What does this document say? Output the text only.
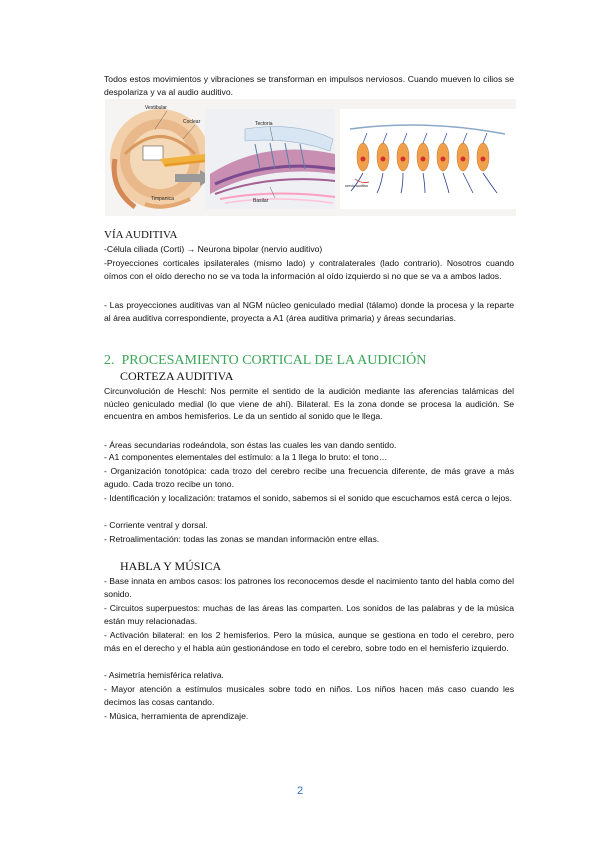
Todos estos movimientos y vibraciones se transforman en impulsos nerviosos. Cuando mueven lo cilios se despolariza y va al audio auditivo.

Vestibular
Coclear	Tectoria
Timpanica	Basilar
nervio auditivo
VÍA AUDITIVA

-Célula ciliada (Corti) → Neurona bipolar (nervio auditivo)

-Proyecciones corticales ipsilaterales (mismo lado) y contralaterales (lado contrario). Nosotros cuando oímos con el oído derecho no se va toda la información al oído izquierdo si no que se va a ambos lados.

- Las proyecciones auditivas van al NGM núcleo geniculado medial (tálamo) donde la procesa y la reparte al área auditiva correspondiente, proyecta a A1 (área auditiva primaria) y áreas secundarias.

2. PROCESAMIENTO CORTICAL DE LA AUDICIÓN
CORTEZA AUDITIVA

Circunvolución de Heschl: Nos permite el sentido de la audición mediante las aferencias talámicas del núcleo geniculado medial (lo que viene de ahí). Bilateral. Es la zona donde se procesa la audición. Se encuentra en ambos hemisferios. Le da un sentido al sonido que le llega.

- Áreas secundarias rodeándola, son éstas las cuales les van dando sentido.

- A1 componentes elementales del estímulo: a la 1 llega lo bruto: el tono…

- Organización tonotópica: cada trozo del cerebro recibe una frecuencia diferente, de más grave a más agudo. Cada trozo recibe un tono.

- Identificación y localización: tratamos el sonido, sabemos si el sonido que escuchamos está cerca o lejos.

- Corriente ventral y dorsal.

- Retroalimentación: todas las zonas se mandan información entre ellas.

HABLA Y MÚSICA

- Base innata en ambos casos: los patrones los reconocemos desde el nacimiento tanto del habla como del sonido.

- Circuitos superpuestos: muchas de las áreas las comparten. Los sonidos de las palabras y de la música están muy relacionadas.

- Activación bilateral: en los 2 hemisferios. Pero la música, aunque se gestiona en todo el cerebro, pero más en el derecho y el habla aún gestionándose en todo el cerebro, sobre todo en el hemisferio izquierdo.

- Asimetría hemisférica relativa.

- Mayor atención a estímulos musicales sobre todo en niños. Los niños hacen más caso cuando les decimos las cosas cantando.

- Música, herramienta de aprendizaje.

2
